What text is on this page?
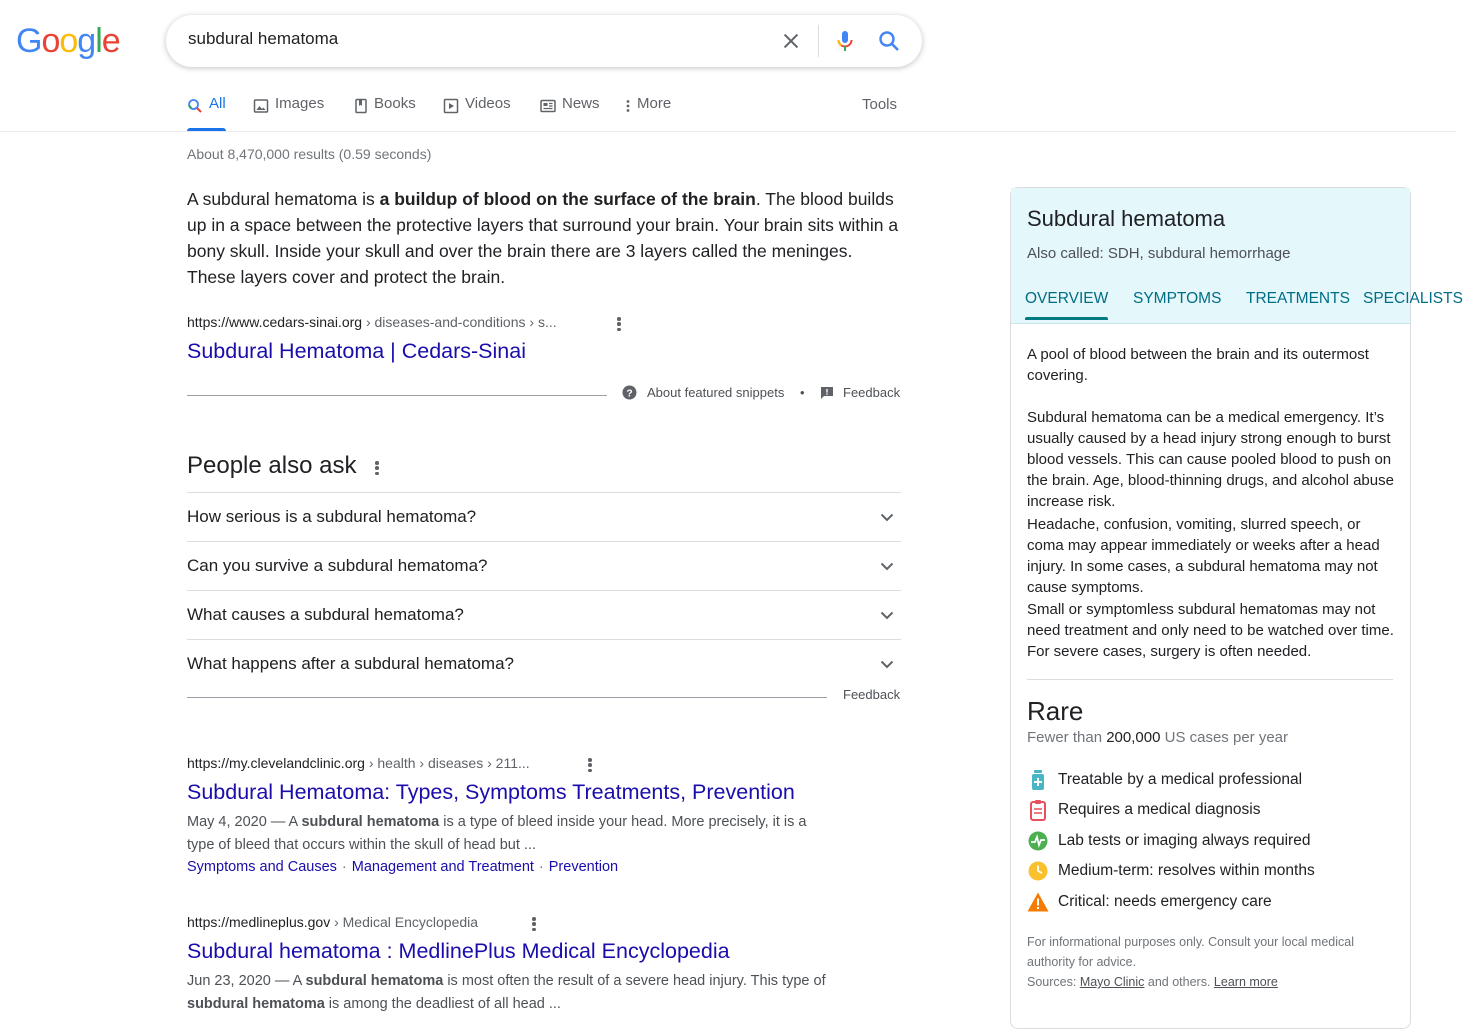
Google
subdural hematoma
All	Images	Books	Videos	News More	Tools
About 8,470,000 results (0.59 seconds)
A subdural hematoma is a buildup of blood on the surface of the brain. The blood builds up in a space between the protective layers that surround your brain. Your brain sits within a bony skull. Inside your skull and over the brain there are 3 layers called the meninges. These layers cover and protect the brain.
https://www.cedars-sinai.org › diseases-and-conditions › s...
Subdural Hematoma | Cedars-Sinai
? About featured snippets •	Feedback
People also ask
How serious is a subdural hematoma?
Can you survive a subdural hematoma?
What causes a subdural hematoma?
What happens after a subdural hematoma?
Feedback
https://my.clevelandclinic.org › health › diseases › 211...
Subdural Hematoma: Types, Symptoms Treatments, Prevention
May 4, 2020 — A subdural hematoma is a type of bleed inside your head. More precisely, it is a type of bleed that occurs within the skull of head but ...
Symptoms and Causes · Management and Treatment · Prevention
https://medlineplus.gov › Medical Encyclopedia
Subdural hematoma : MedlinePlus Medical Encyclopedia
Jun 23, 2020 — A subdural hematoma is most often the result of a severe head injury. This type of subdural hematoma is among the deadliest of all head ...
Subdural hematoma
Also called: SDH, subdural hemorrhage
OVERVIEW SYMPTOMS TREATMENTS SPECIALISTS
A pool of blood between the brain and its outermost covering.
Subdural hematoma can be a medical emergency. It’s usually caused by a head injury strong enough to burst blood vessels. This can cause pooled blood to push on the brain. Age, blood-thinning drugs, and alcohol abuse increase risk.
Headache, confusion, vomiting, slurred speech, or coma may appear immediately or weeks after a head injury. In some cases, a subdural hematoma may not cause symptoms.
Small or symptomless subdural hematomas may not need treatment and only need to be watched over time. For severe cases, surgery is often needed.
Rare
Fewer than 200,000 US cases per year
Treatable by a medical professional
Requires a medical diagnosis
Lab tests or imaging always required
Medium-term: resolves within months
Critical: needs emergency care
For informational purposes only. Consult your local medical authority for advice.
Sources: Mayo Clinic and others. Learn more
